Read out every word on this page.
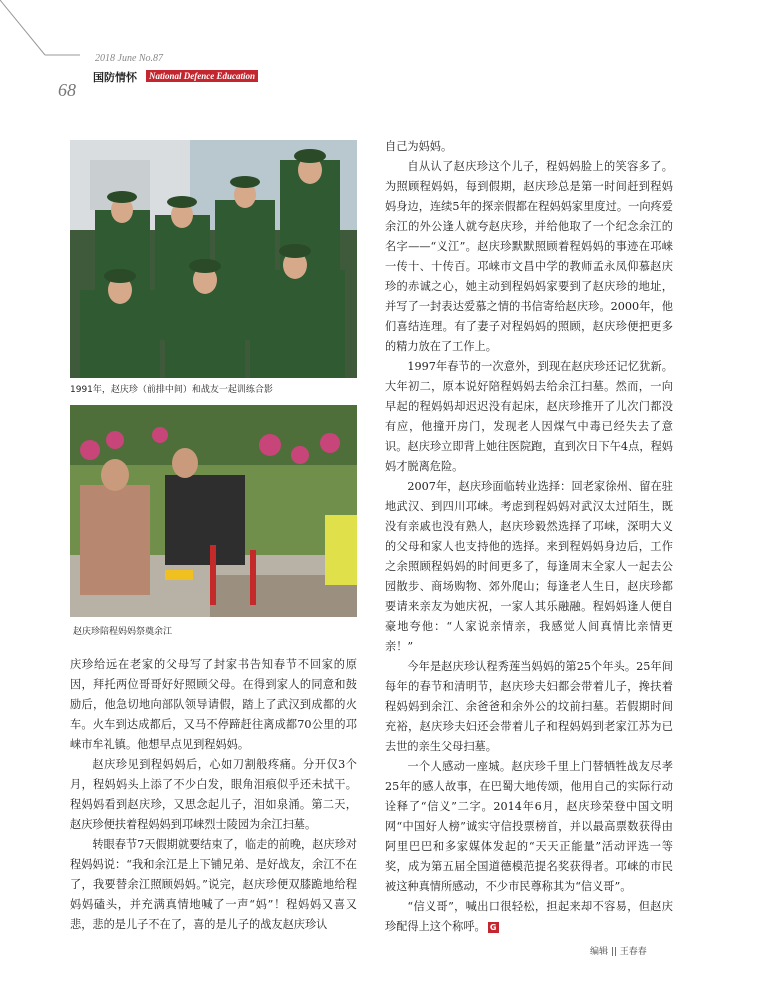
2018 June No.87
国防情怀	National Defence Education
68
1991年，赵庆珍（前排中间）和战友一起训练合影
赵庆珍陪程妈妈祭奠余江

庆珍给远在老家的父母写了封家书告知春节不回家的原因，拜托两位哥哥好好照顾父母。在得到家人的同意和鼓励后，他急切地向部队领导请假，踏上了武汉到成都的火车。火车到达成都后，又马不停蹄赶往离成都70公里的邛崃市牟礼镇。他想早点见到程妈妈。

赵庆珍见到程妈妈后，心如刀割般疼痛。分开仅3个月，程妈妈头上添了不少白发，眼角泪痕似乎还未拭干。程妈妈看到赵庆珍，又思念起儿子，泪如泉涌。第二天，赵庆珍便扶着程妈妈到邛崃烈士陵园为余江扫墓。

转眼春节7天假期就要结束了，临走的前晚，赵庆珍对程妈妈说：“我和余江是上下铺兄弟、是好战友，余江不在了，我要替余江照顾妈妈。”说完，赵庆珍便双膝跪地给程妈妈磕头，并充满真情地喊了一声“妈”！程妈妈又喜又悲，悲的是儿子不在了，喜的是儿子的战友赵庆珍认

自己为妈妈。

自从认了赵庆珍这个儿子，程妈妈脸上的笑容多了。为照顾程妈妈，每到假期，赵庆珍总是第一时间赶到程妈妈身边，连续5年的探亲假都在程妈妈家里度过。一向疼爱余江的外公逢人就夸赵庆珍，并给他取了一个纪念余江的名字——“义江”。赵庆珍默默照顾着程妈妈的事迹在邛崃一传十、十传百。邛崃市文昌中学的教师孟永凤仰慕赵庆珍的赤诚之心，她主动到程妈妈家要到了赵庆珍的地址，并写了一封表达爱慕之情的书信寄给赵庆珍。2000年，他们喜结连理。有了妻子对程妈妈的照顾，赵庆珍便把更多的精力放在了工作上。

1997年春节的一次意外，到现在赵庆珍还记忆犹新。大年初二，原本说好陪程妈妈去给余江扫墓。然而，一向早起的程妈妈却迟迟没有起床，赵庆珍推开了儿次门都没有应，他撞开房门，发现老人因煤气中毒已经失去了意识。赵庆珍立即背上她往医院跑，直到次日下午4点，程妈妈才脱离危险。

2007年，赵庆珍面临转业选择：回老家徐州、留在驻地武汉、到四川邛崃。考虑到程妈妈对武汉太过陌生，既没有亲戚也没有熟人，赵庆珍毅然选择了邛崃，深明大义的父母和家人也支持他的选择。来到程妈妈身边后，工作之余照顾程妈妈的时间更多了，每逢周末全家人一起去公园散步、商场购物、郊外爬山；每逢老人生日，赵庆珍都要请来亲友为她庆祝，一家人其乐融融。程妈妈逢人便自豪地夸他：“人家说亲情亲，我感觉人间真情比亲情更亲！”

今年是赵庆珍认程秀莲当妈妈的第25个年头。25年间每年的春节和清明节，赵庆珍夫妇都会带着儿子，搀扶着程妈妈到余江、余爸爸和余外公的坟前扫墓。若假期时间充裕，赵庆珍夫妇还会带着儿子和程妈妈到老家江苏为已去世的亲生父母扫墓。

一个人感动一座城。赵庆珍千里上门替牺牲战友尽孝25年的感人故事，在巴蜀大地传颂，他用自己的实际行动诠释了“信义”二字。2014年6月，赵庆珍荣登中国文明网“中国好人榜”诚实守信投票榜首，并以最高票数获得由阿里巴巴和多家媒体发起的“天天正能量”活动评选一等奖，成为第五届全国道德模范提名奖获得者。邛崃的市民被这种真情所感动，不少市民尊称其为“信义哥”。

“信义哥”，喊出口很轻松，担起来却不容易，但赵庆珍配得上这个称呼。 G

编辑 || 王春春
